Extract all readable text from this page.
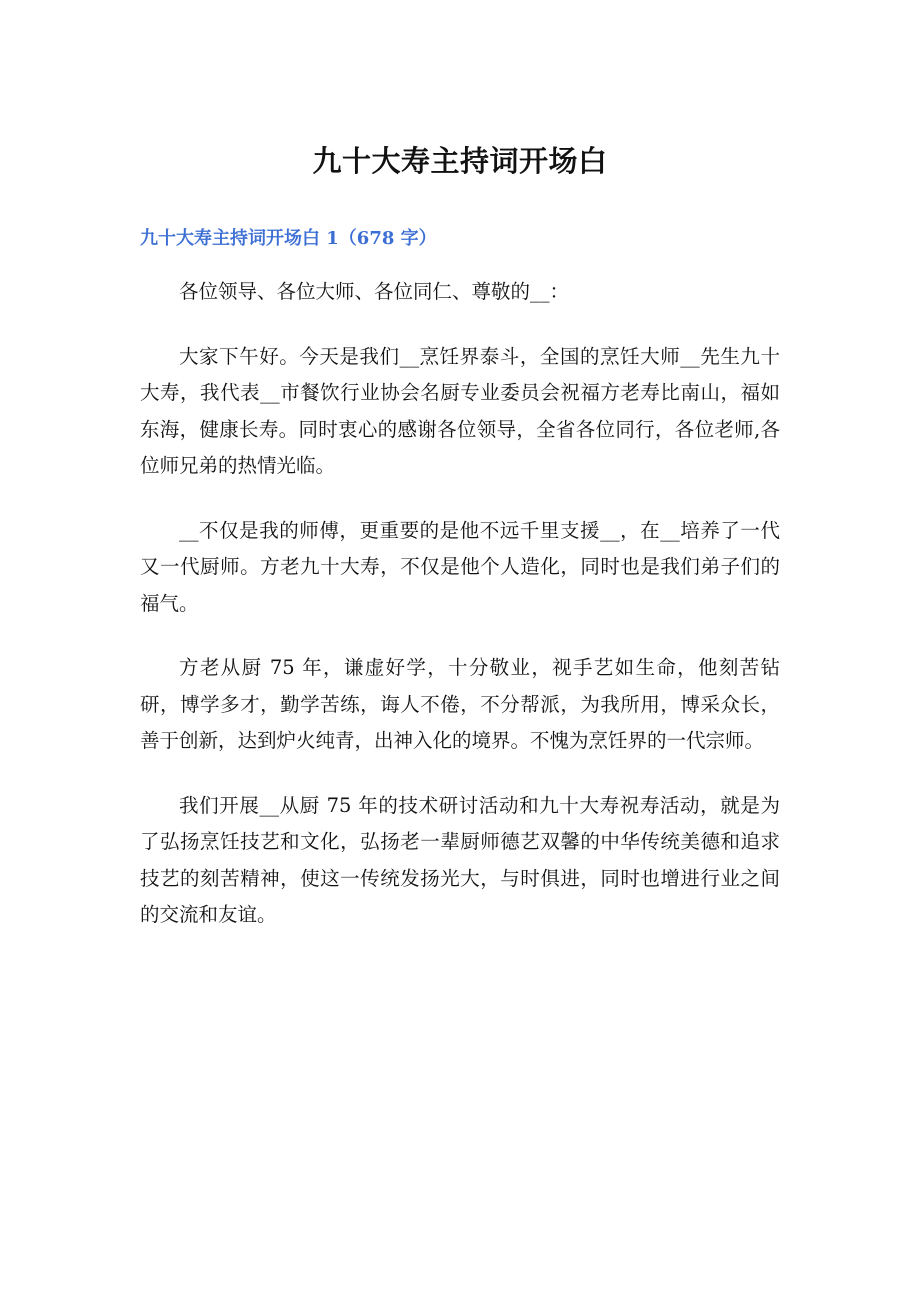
九十大寿主持词开场白
九十大寿主持词开场白 1（678 字）

各位领导、各位大师、各位同仁、尊敬的__：

大家下午好。今天是我们__烹饪界泰斗，全国的烹饪大师__先生九十大寿，我代表__市餐饮行业协会名厨专业委员会祝福方老寿比南山，福如东海，健康长寿。同时衷心的感谢各位领导，全省各位同行，各位老师,各位师兄弟的热情光临。

__不仅是我的师傅，更重要的是他不远千里支援__，在__培养了一代又一代厨师。方老九十大寿，不仅是他个人造化，同时也是我们弟子们的福气。

方老从厨 75 年，谦虚好学，十分敬业，视手艺如生命，他刻苦钻研，博学多才，勤学苦练，诲人不倦，不分帮派，为我所用，博采众长，善于创新，达到炉火纯青，出神入化的境界。不愧为烹饪界的一代宗师。

我们开展__从厨 75 年的技术研讨活动和九十大寿祝寿活动，就是为了弘扬烹饪技艺和文化，弘扬老一辈厨师德艺双馨的中华传统美德和追求技艺的刻苦精神，使这一传统发扬光大，与时俱进，同时也增进行业之间的交流和友谊。
